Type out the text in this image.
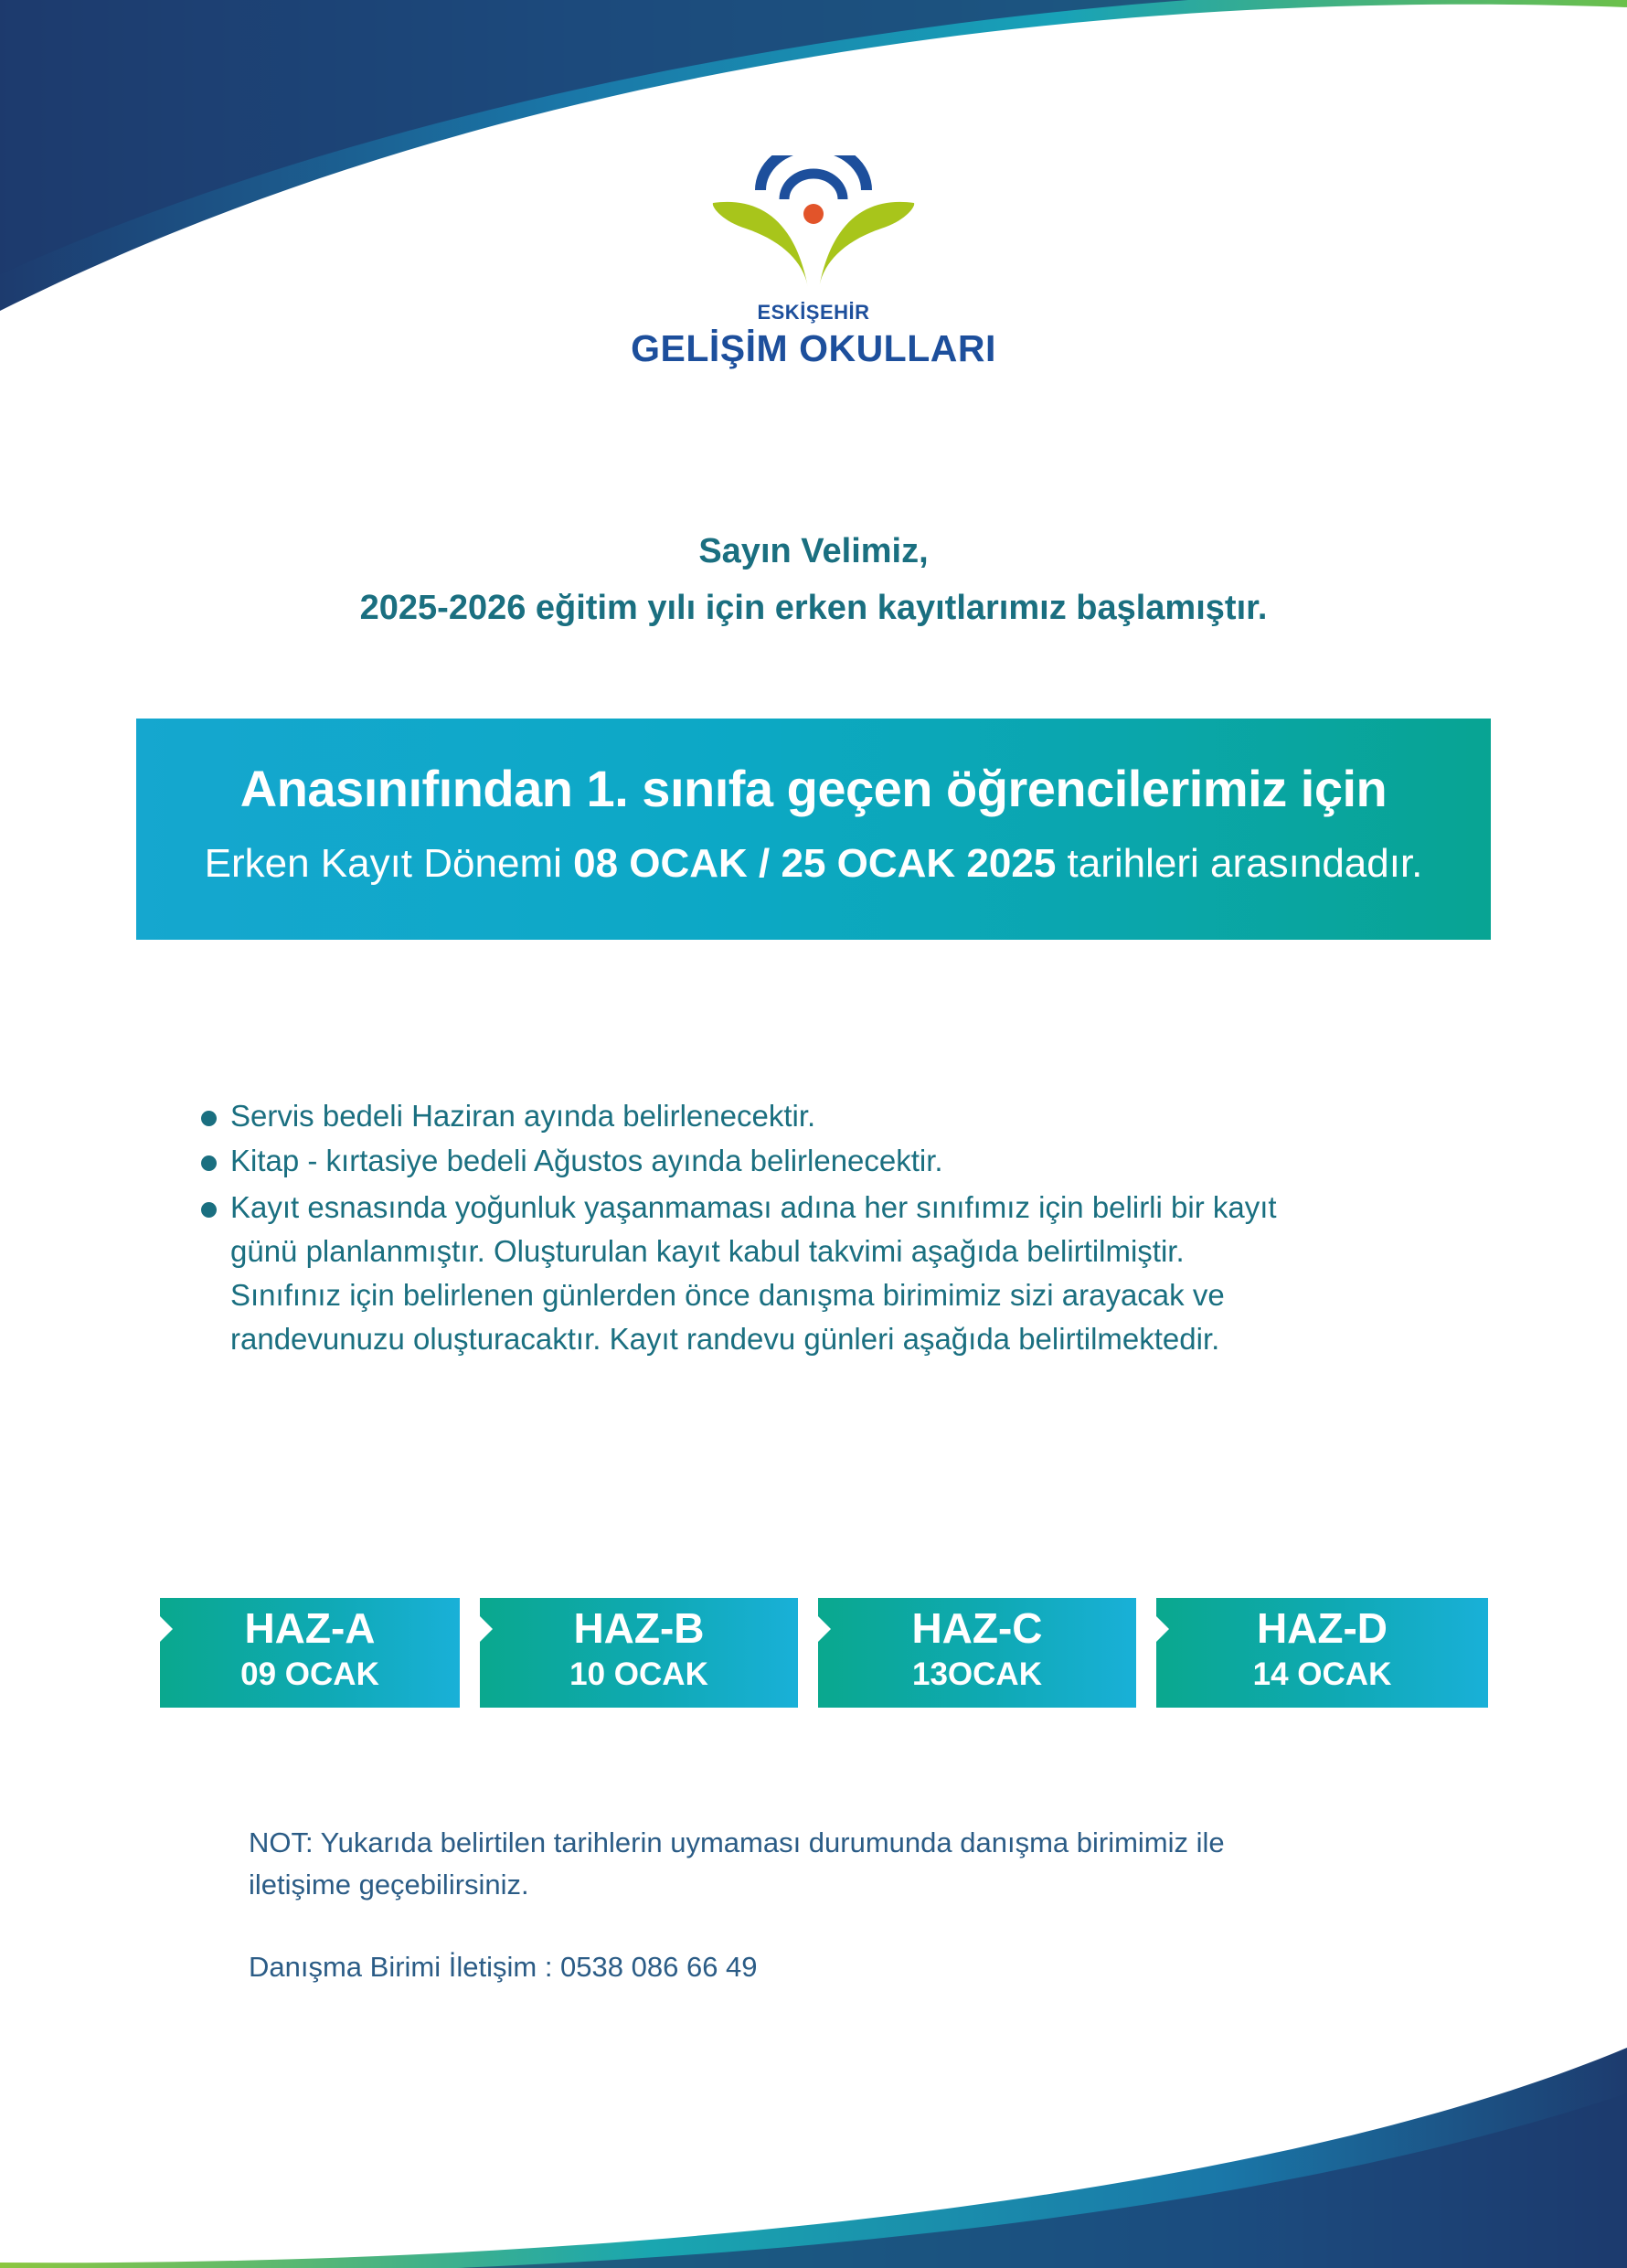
ESKİŞEHİR
GELİŞİM OKULLARI
Sayın Velimiz,
2025-2026 eğitim yılı için erken kayıtlarımız başlamıştır.
Anasınıfından 1. sınıfa geçen öğrencilerimiz için
Erken Kayıt Dönemi 08 OCAK / 25 OCAK 2025 tarihleri arasındadır.
Servis bedeli Haziran ayında belirlenecektir.
Kitap - kırtasiye bedeli Ağustos ayında belirlenecektir.
Kayıt esnasında yoğunluk yaşanmaması adına her sınıfımız için belirli bir kayıt
günü planlanmıştır. Oluşturulan kayıt kabul takvimi aşağıda belirtilmiştir.
Sınıfınız için belirlenen günlerden önce danışma birimimiz sizi arayacak ve
randevunuzu oluşturacaktır. Kayıt randevu günleri aşağıda belirtilmektedir.
HAZ-A
09 OCAK
HAZ-B
10 OCAK
HAZ-C
13OCAK
HAZ-D
14 OCAK
NOT: Yukarıda belirtilen tarihlerin uymaması durumunda danışma birimimiz ile
iletişime geçebilirsiniz.
Danışma Birimi İletişim : 0538 086 66 49
